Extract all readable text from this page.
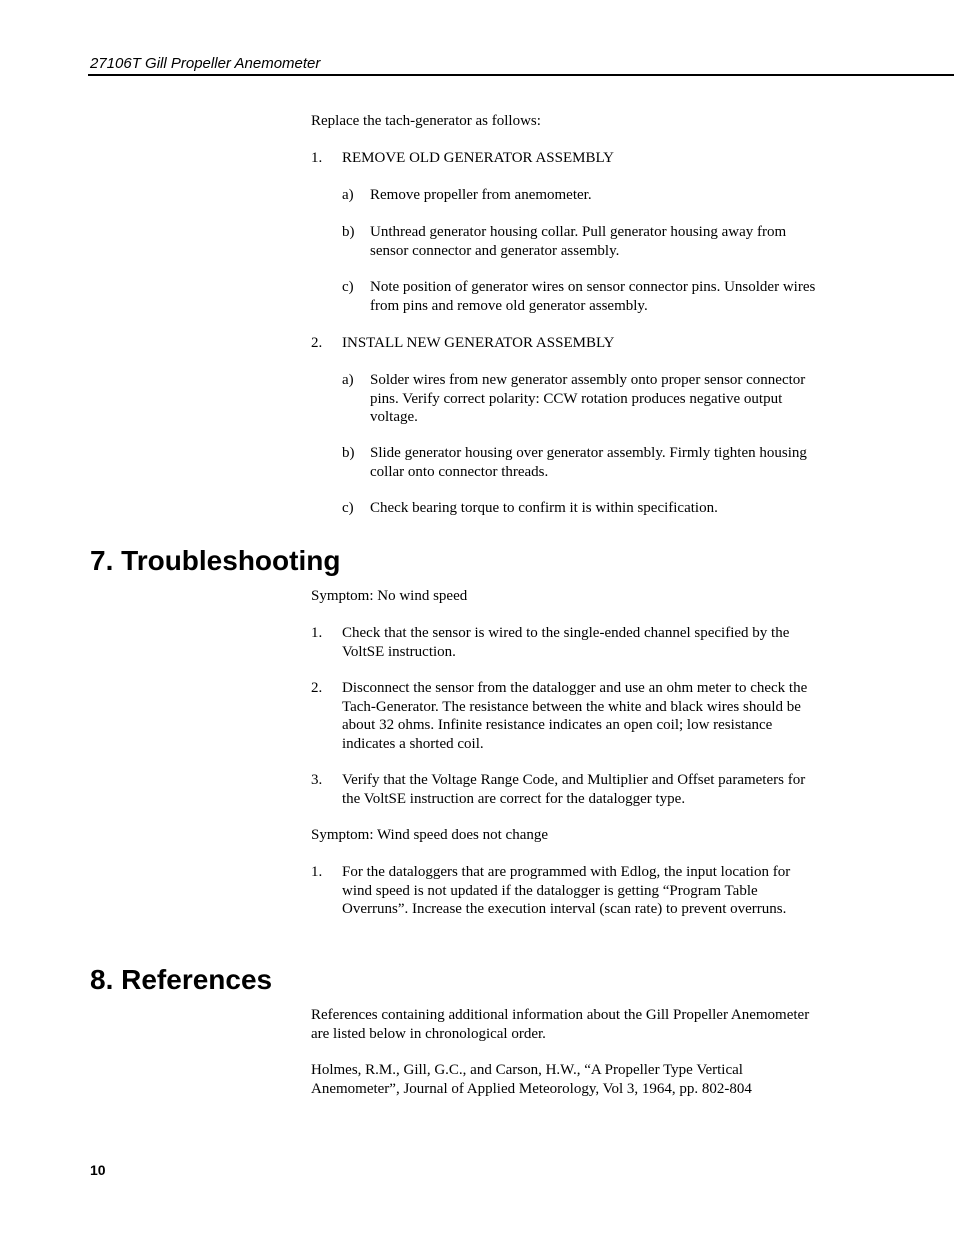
27106T Gill Propeller Anemometer
Replace the tach-generator as follows:
1. REMOVE OLD GENERATOR ASSEMBLY
a) Remove propeller from anemometer.
b) Unthread generator housing collar. Pull generator housing away from sensor connector and generator assembly.
c) Note position of generator wires on sensor connector pins. Unsolder wires from pins and remove old generator assembly.
2. INSTALL NEW GENERATOR ASSEMBLY
a) Solder wires from new generator assembly onto proper sensor connector pins. Verify correct polarity: CCW rotation produces negative output voltage.
b) Slide generator housing over generator assembly. Firmly tighten housing collar onto connector threads.
c) Check bearing torque to confirm it is within specification.
7. Troubleshooting
Symptom: No wind speed
1. Check that the sensor is wired to the single-ended channel specified by the VoltSE instruction.
2. Disconnect the sensor from the datalogger and use an ohm meter to check the Tach-Generator. The resistance between the white and black wires should be about 32 ohms. Infinite resistance indicates an open coil; low resistance indicates a shorted coil.
3. Verify that the Voltage Range Code, and Multiplier and Offset parameters for the VoltSE instruction are correct for the datalogger type.
Symptom: Wind speed does not change
1. For the dataloggers that are programmed with Edlog, the input location for wind speed is not updated if the datalogger is getting “Program Table Overruns”. Increase the execution interval (scan rate) to prevent overruns.
8. References
References containing additional information about the Gill Propeller Anemometer are listed below in chronological order.
Holmes, R.M., Gill, G.C., and Carson, H.W., “A Propeller Type Vertical Anemometer”, Journal of Applied Meteorology, Vol 3, 1964, pp. 802-804
10
